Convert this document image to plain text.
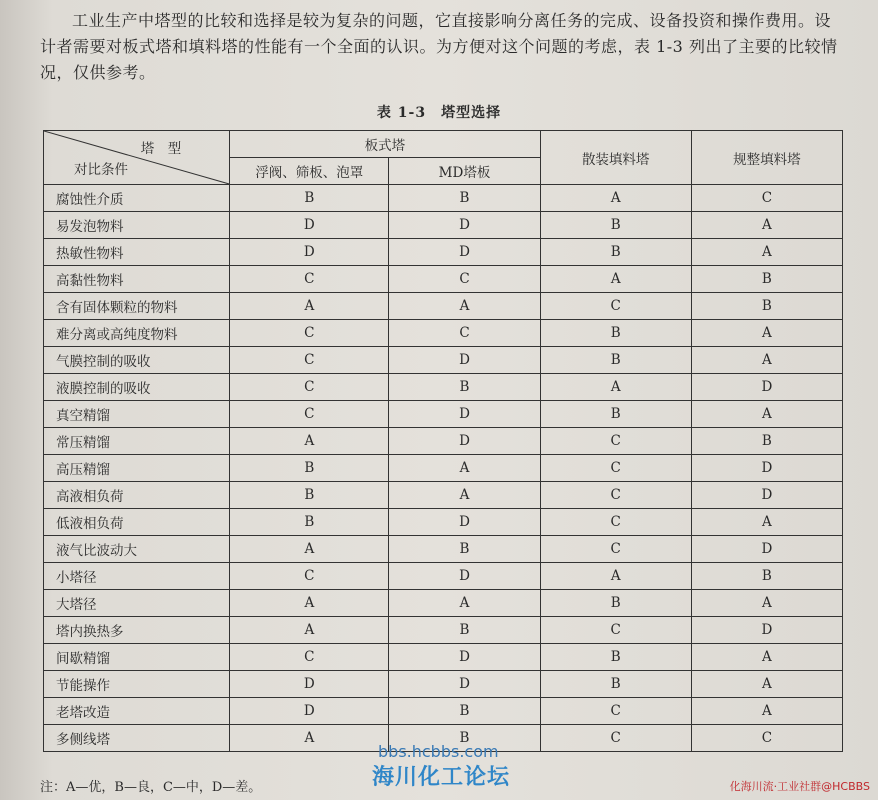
工业生产中塔型的比较和选择是较为复杂的问题，它直接影响分离任务的完成、设备投资和操作费用。设计者需要对板式塔和填料塔的性能有一个全面的认识。为方便对这个问题的考虑，表 1-3 列出了主要的比较情况，仅供参考。

表 1-3　塔型选择
塔　型
对比条件	板式塔		散装填料塔	规整填料塔
	浮阀、筛板、泡罩	MD塔板		
腐蚀性介质	B	B	A	C
易发泡物料	D	D	B	A
热敏性物料	D	D	B	A
高黏性物料	C	C	A	B
含有固体颗粒的物料	A	A	C	B
难分离或高纯度物料	C	C	B	A
气膜控制的吸收	C	D	B	A
液膜控制的吸收	C	B	A	D
真空精馏	C	D	B	A
常压精馏	A	D	C	B
高压精馏	B	A	C	D
高液相负荷	B	A	C	D
低液相负荷	B	D	C	A
液气比波动大	A	B	C	D
小塔径	C	D	A	B
大塔径	A	A	B	A
塔内换热多	A	B	C	D
间歇精馏	C	D	B	A
节能操作	D	D	B	A
老塔改造	D	B	C	A
多侧线塔	A	B	C	C
注：A—优，B—良，C—中，D—差。
bbs.hcbbs.com
海川化工论坛	化海川流·工业社群@HCBBS
